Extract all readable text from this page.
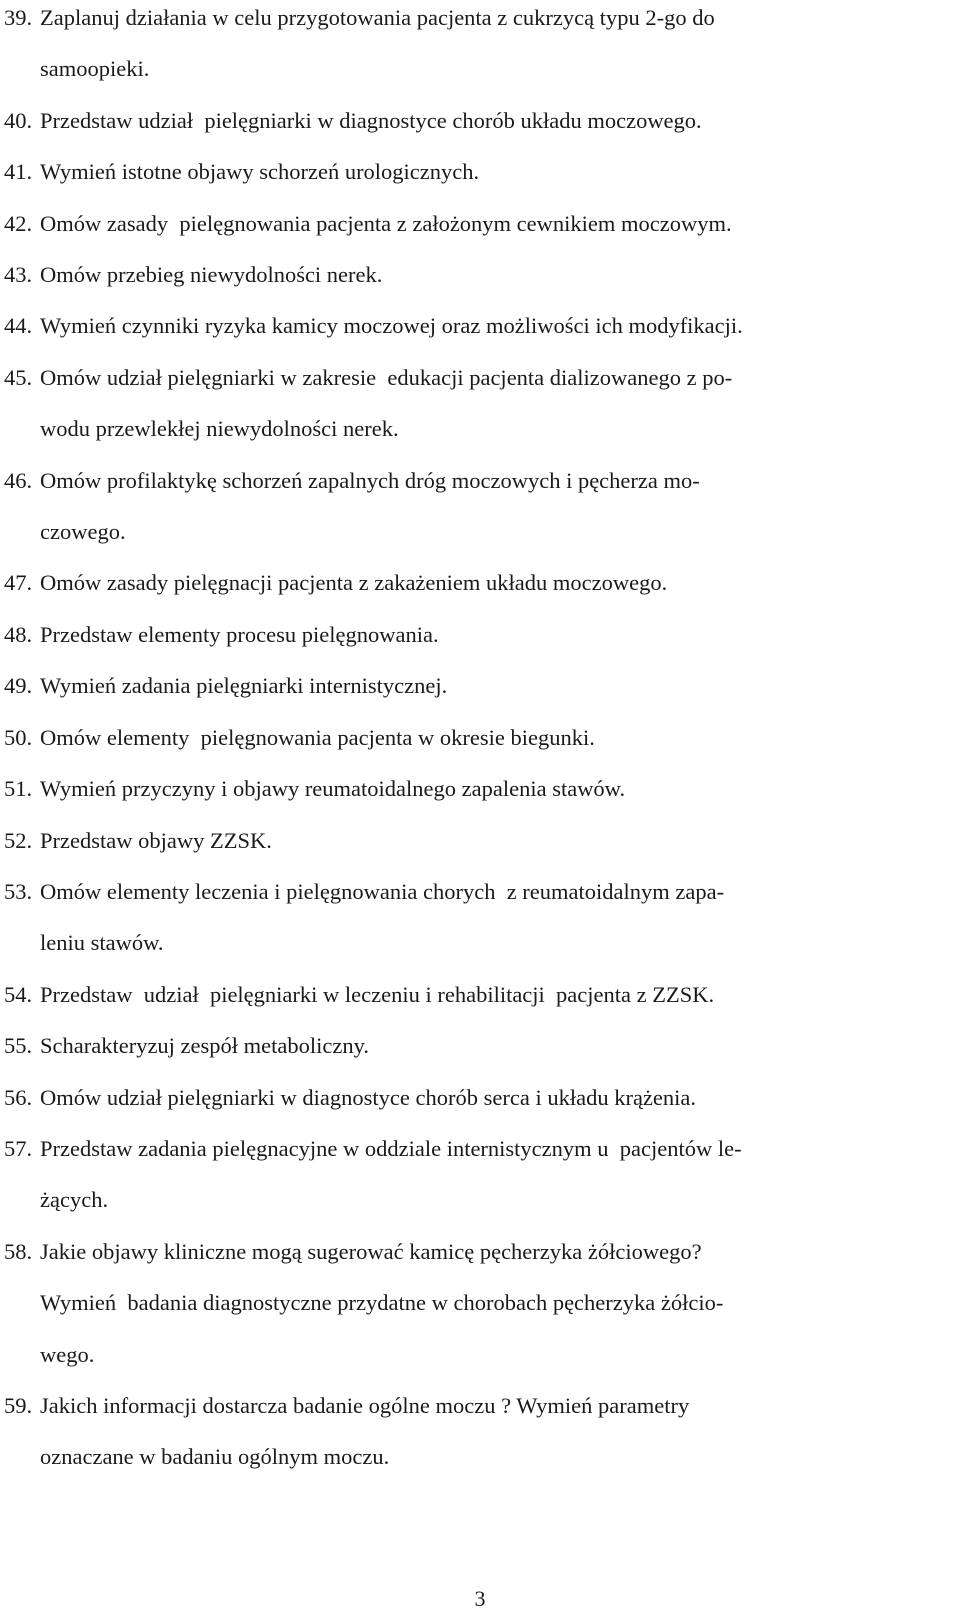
39. Zaplanuj działania w celu przygotowania pacjenta z cukrzycą typu 2-go do
samoopieki.
40. Przedstaw udział  pielęgniarki w diagnostyce chorób układu moczowego.
41. Wymień istotne objawy schorzeń urologicznych.
42. Omów zasady  pielęgnowania pacjenta z założonym cewnikiem moczowym.
43. Omów przebieg niewydolności nerek.
44. Wymień czynniki ryzyka kamicy moczowej oraz możliwości ich modyfikacji.
45. Omów udział pielęgniarki w zakresie  edukacji pacjenta dializowanego z po-
wodu przewlekłej niewydolności nerek.
46. Omów profilaktykę schorzeń zapalnych dróg moczowych i pęcherza mo-
czowego.
47. Omów zasady pielęgnacji pacjenta z zakażeniem układu moczowego.
48. Przedstaw elementy procesu pielęgnowania.
49. Wymień zadania pielęgniarki internistycznej.
50. Omów elementy  pielęgnowania pacjenta w okresie biegunki.
51. Wymień przyczyny i objawy reumatoidalnego zapalenia stawów.
52. Przedstaw objawy ZZSK.
53. Omów elementy leczenia i pielęgnowania chorych  z reumatoidalnym zapa-
leniu stawów.
54. Przedstaw  udział  pielęgniarki w leczeniu i rehabilitacji  pacjenta z ZZSK.
55. Scharakteryzuj zespół metaboliczny.
56. Omów udział pielęgniarki w diagnostyce chorób serca i układu krążenia.
57. Przedstaw zadania pielęgnacyjne w oddziale internistycznym u  pacjentów le-
żących.
58. Jakie objawy kliniczne mogą sugerować kamicę pęcherzyka żółciowego?
Wymień  badania diagnostyczne przydatne w chorobach pęcherzyka żółcio-
wego.
59. Jakich informacji dostarcza badanie ogólne moczu ? Wymień parametry
oznaczane w badaniu ogólnym moczu.
3
